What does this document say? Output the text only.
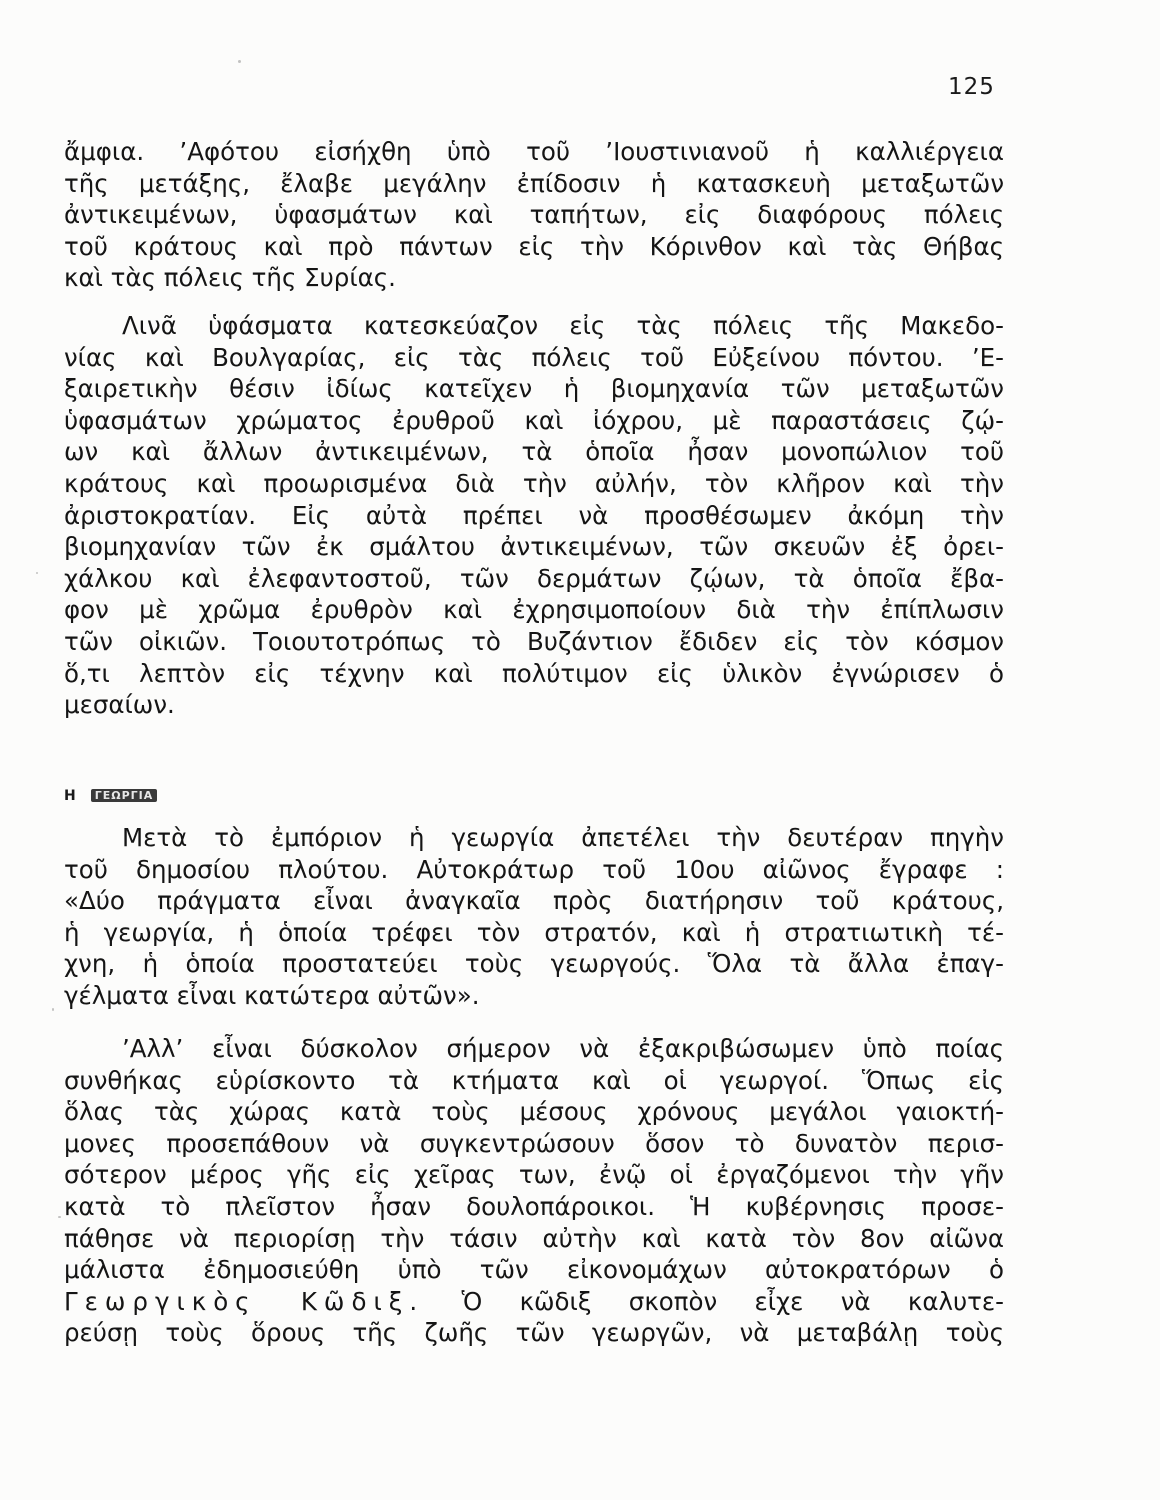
125
ἄμφια. ’Αφότου εἰσήχθη ὑπὸ τοῦ ’Ιουστινιανοῦ ἡ καλλιέργεια
τῆς μετάξης, ἔλαβε μεγάλην ἐπίδοσιν ἡ κατασκευὴ μεταξωτῶν
ἀντικειμένων, ὑφασμάτων καὶ ταπήτων, εἰς διαφόρους πόλεις
τοῦ κράτους καὶ πρὸ πάντων εἰς τὴν Κόρινθον καὶ τὰς Θήβας
καὶ τὰς πόλεις τῆς Συρίας.
Λινᾶ ὑφάσματα κατεσκεύαζον εἰς τὰς πόλεις τῆς Μακεδο-
νίας καὶ Βουλγαρίας, εἰς τὰς πόλεις τοῦ Εὐξείνου πόντου. ’Ε-
ξαιρετικὴν θέσιν ἰδίως κατεῖχεν ἡ βιομηχανία τῶν μεταξωτῶν
ὑφασμάτων χρώματος ἐρυθροῦ καὶ ἰόχρου, μὲ παραστάσεις ζῴ-
ων καὶ ἄλλων ἀντικειμένων, τὰ ὁποῖα ἦσαν μονοπώλιον τοῦ
κράτους καὶ προωρισμένα διὰ τὴν αὐλήν, τὸν κλῆρον καὶ τὴν
ἀριστοκρατίαν. Εἰς αὐτὰ πρέπει νὰ προσθέσωμεν ἀκόμη τὴν
βιομηχανίαν τῶν ἐκ σμάλτου ἀντικειμένων, τῶν σκευῶν ἐξ ὀρει-
χάλκου καὶ ἐλεφαντοστοῦ, τῶν δερμάτων ζῴων, τὰ ὁποῖα ἔβα-
φον μὲ χρῶμα ἐρυθρὸν καὶ ἐχρησιμοποίουν διὰ τὴν ἐπίπλωσιν
τῶν οἰκιῶν. Τοιουτοτρόπως τὸ Βυζάντιον ἔδιδεν εἰς τὸν κόσμον
ὅ,τι λεπτὸν εἰς τέχνην καὶ πολύτιμον εἰς ὑλικὸν ἐγνώρισεν ὁ
μεσαίων.
Η ΓΕΩΡΓΙΑ
Μετὰ τὸ ἐμπόριον ἡ γεωργία ἀπετέλει τὴν δευτέραν πηγὴν
τοῦ δημοσίου πλούτου. Αὐτοκράτωρ τοῦ 10ου αἰῶνος ἔγραφε :
«Δύο πράγματα εἶναι ἀναγκαῖα πρὸς διατήρησιν τοῦ κράτους,
ἡ γεωργία, ἡ ὁποία τρέφει τὸν στρατόν, καὶ ἡ στρατιωτικὴ τέ-
χνη, ἡ ὁποία προστατεύει τοὺς γεωργούς. Ὅλα τὰ ἄλλα ἐπαγ-
γέλματα εἶναι κατώτερα αὐτῶν».
’Αλλ’ εἶναι δύσκολον σήμερον νὰ ἐξακριβώσωμεν ὑπὸ ποίας
συνθήκας εὑρίσκοντο τὰ κτήματα καὶ οἱ γεωργοί. Ὅπως εἰς
ὅλας τὰς χώρας κατὰ τοὺς μέσους χρόνους μεγάλοι γαιοκτή-
μονες προσεπάθουν νὰ συγκεντρώσουν ὅσον τὸ δυνατὸν περισ-
σότερον μέρος γῆς εἰς χεῖρας των, ἐνῷ οἱ ἐργαζόμενοι τὴν γῆν
κατὰ τὸ πλεῖστον ἦσαν δουλοπάροικοι. Ἡ κυβέρνησις προσε-
πάθησε νὰ περιορίσῃ τὴν τάσιν αὐτὴν καὶ κατὰ τὸν 8ον αἰῶνα
μάλιστα ἐδημοσιεύθη ὑπὸ τῶν εἰκονομάχων αὐτοκρατόρων ὁ
Γεωργικὸς Κῶδιξ. Ὁ κῶδιξ σκοπὸν εἶχε νὰ καλυτε-
ρεύσῃ τοὺς ὅρους τῆς ζωῆς τῶν γεωργῶν, νὰ μεταβάλῃ τοὺς
